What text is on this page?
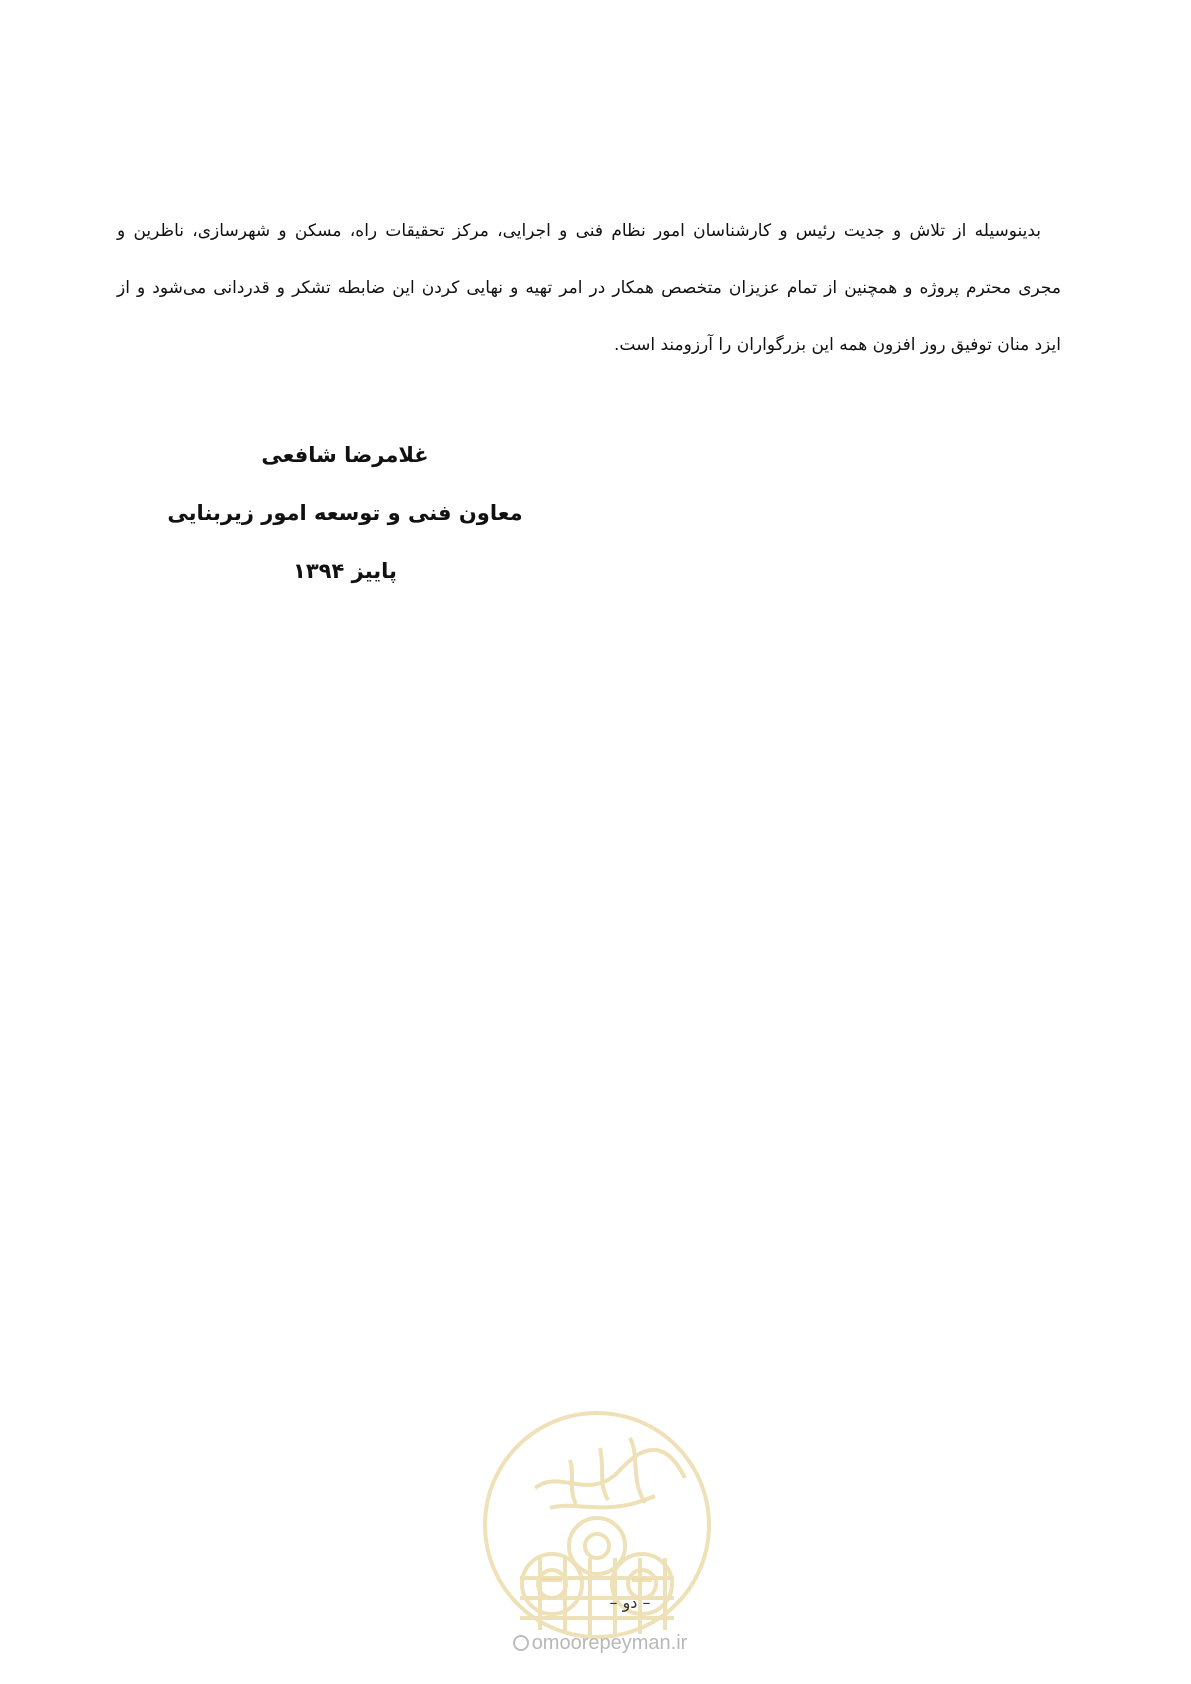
بدینوسیله از تلاش و جدیت رئیس و کارشناسان امور نظام فنی و اجرایی، مرکز تحقیقات راه، مسکن و شهرسازی، ناظرین و
مجری محترم پروژه و همچنین از تمام عزیزان متخصص همکار در امر تهیه و نهایی کردن این ضابطه تشکر و قدردانی می‌شود و از
ایزد منان توفیق روز افزون همه این بزرگواران را آرزومند است.
غلامرضا شافعی
معاون فنی و توسعه امور زیربنایی
پاییز ۱۳۹۴
– دو –
omoorepeyman.ir
